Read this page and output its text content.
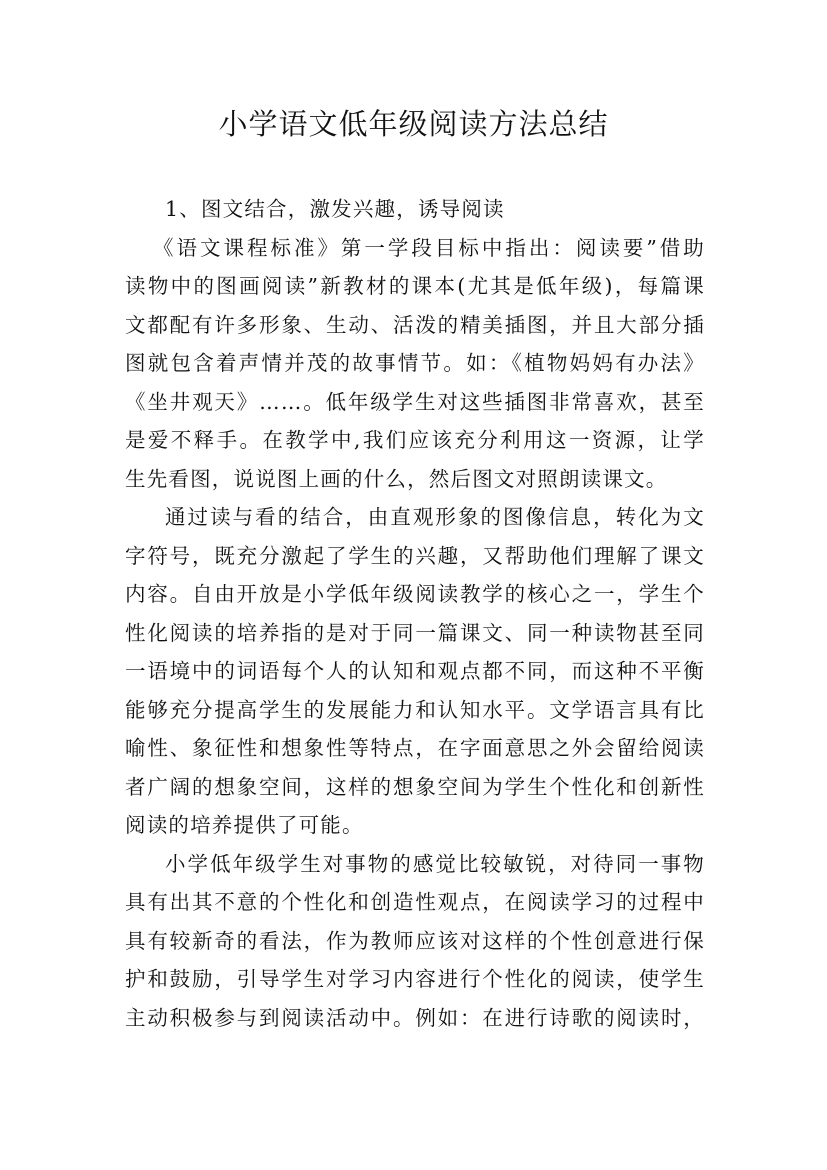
小学语文低年级阅读方法总结
1、图文结合，激发兴趣，诱导阅读
《语文课程标准》第一学段目标中指出：阅读要”借助
读物中的图画阅读”新教材的课本(尤其是低年级)，每篇课
文都配有许多形象、生动、活泼的精美插图，并且大部分插
图就包含着声情并茂的故事情节。如：《植物妈妈有办法》
《坐井观天》……。低年级学生对这些插图非常喜欢，甚至
是爱不释手。在教学中,我们应该充分利用这一资源，让学
生先看图，说说图上画的什么，然后图文对照朗读课文。
通过读与看的结合，由直观形象的图像信息，转化为文
字符号，既充分激起了学生的兴趣，又帮助他们理解了课文
内容。自由开放是小学低年级阅读教学的核心之一，学生个
性化阅读的培养指的是对于同一篇课文、同一种读物甚至同
一语境中的词语每个人的认知和观点都不同，而这种不平衡
能够充分提高学生的发展能力和认知水平。文学语言具有比
喻性、象征性和想象性等特点，在字面意思之外会留给阅读
者广阔的想象空间，这样的想象空间为学生个性化和创新性
阅读的培养提供了可能。
小学低年级学生对事物的感觉比较敏锐，对待同一事物
具有出其不意的个性化和创造性观点，在阅读学习的过程中
具有较新奇的看法，作为教师应该对这样的个性创意进行保
护和鼓励，引导学生对学习内容进行个性化的阅读，使学生
主动积极参与到阅读活动中。例如：在进行诗歌的阅读时，
